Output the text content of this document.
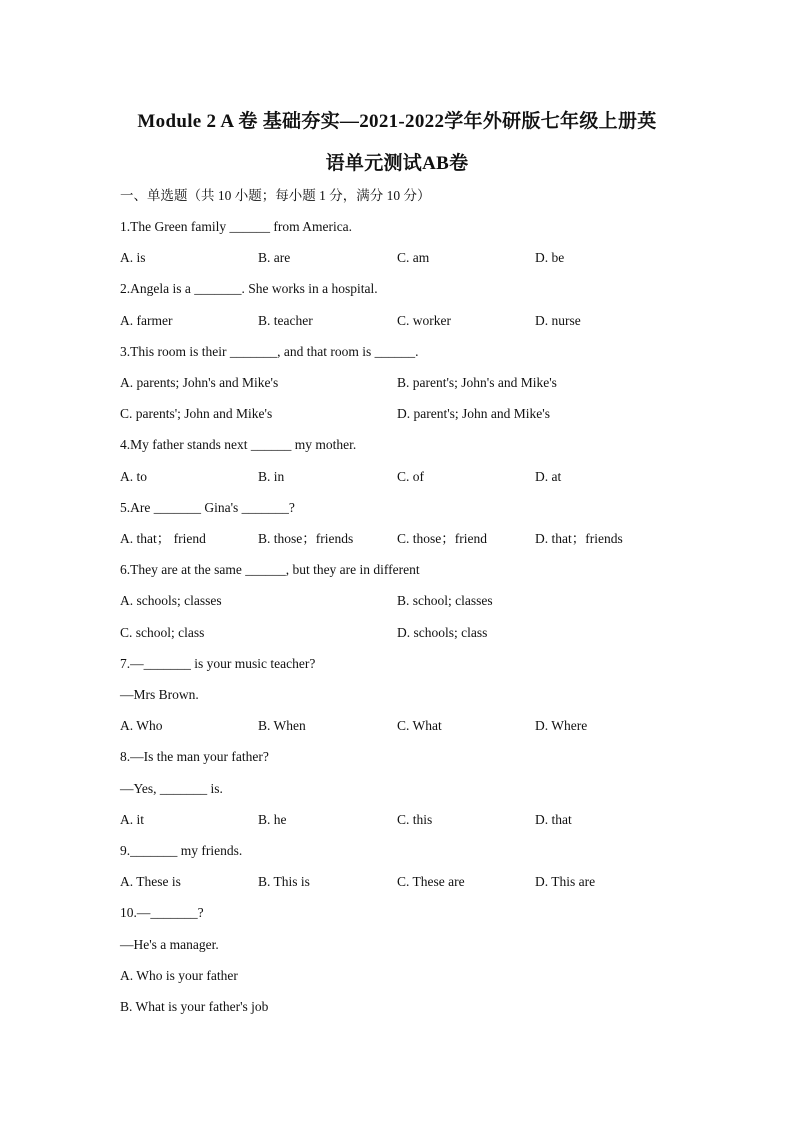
Module 2 A 卷 基础夯实—2021-2022学年外研版七年级上册英
语单元测试AB卷
一、单选题（共 10 小题；每小题 1 分，满分 10 分）
1.The Green family ______ from America.
A. is	B. are	C. am	D. be
2.Angela is a _______. She works in a hospital.
A. farmer	B. teacher	C. worker	D. nurse
3.This room is their _______, and that room is ______.
A. parents; John's and Mike's	B. parent's; John's and Mike's
C. parents'; John and Mike's	D. parent's; John and Mike's
4.My father stands next ______ my mother.
A. to	B. in	C. of	D. at
5.Are _______ Gina's _______?
A. that； friend	B. those；friends	C. those；friend	D. that；friends
6.They are at the same ______, but they are in different
A. schools; classes	B. school; classes
C. school; class	D. schools; class
7.—_______ is your music teacher?
—Mrs Brown.
A. Who	B. When	C. What	D. Where
8.—Is the man your father?
—Yes, _______ is.
A. it	B. he	C. this	D. that
9._______ my friends.
A. These is	B. This is	C. These are	D. This are
10.—_______?
—He's a manager.
A. Who is your father
B. What is your father's job
